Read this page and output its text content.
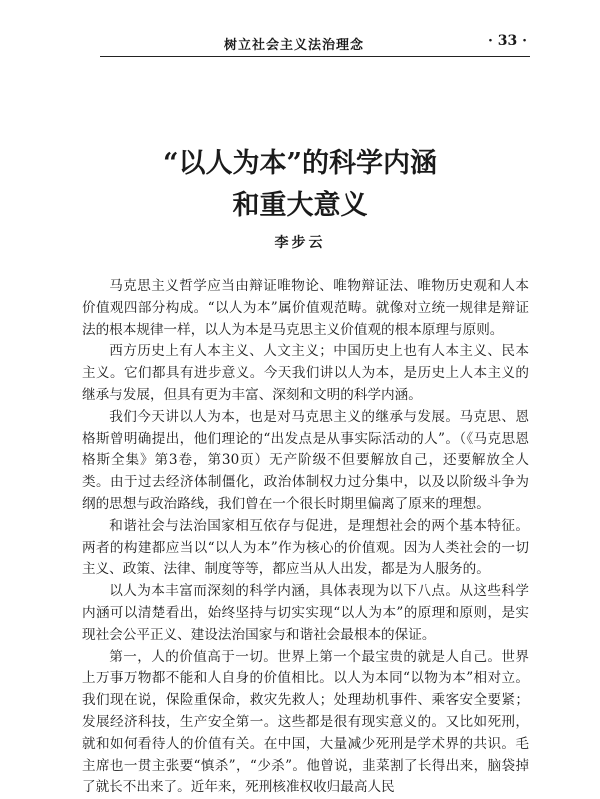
树立社会主义法治理念	· 33 ·
“以人为本”的科学内涵
和重大意义
李步云

马克思主义哲学应当由辩证唯物论、唯物辩证法、唯物历史观和人本价值观四部分构成。“以人为本”属价值观范畴。就像对立统一规律是辩证法的根本规律一样，以人为本是马克思主义价值观的根本原理与原则。

西方历史上有人本主义、人文主义；中国历史上也有人本主义、民本主义。它们都具有进步意义。今天我们讲以人为本，是历史上人本主义的继承与发展，但具有更为丰富、深刻和文明的科学内涵。

我们今天讲以人为本，也是对马克思主义的继承与发展。马克思、恩格斯曾明确提出，他们理论的“出发点是从事实际活动的人”。（《马克思恩格斯全集》第3卷，第30页）无产阶级不但要解放自己，还要解放全人类。由于过去经济体制僵化，政治体制权力过分集中，以及以阶级斗争为纲的思想与政治路线，我们曾在一个很长时期里偏离了原来的理想。

和谐社会与法治国家相互依存与促进，是理想社会的两个基本特征。两者的构建都应当以“以人为本”作为核心的价值观。因为人类社会的一切主义、政策、法律、制度等等，都应当从人出发，都是为人服务的。

以人为本丰富而深刻的科学内涵，具体表现为以下八点。从这些科学内涵可以清楚看出，始终坚持与切实实现“以人为本”的原理和原则，是实现社会公平正义、建设法治国家与和谐社会最根本的保证。

第一，人的价值高于一切。世界上第一个最宝贵的就是人自己。世界上万事万物都不能和人自身的价值相比。以人为本同“以物为本”相对立。我们现在说，保险重保命，救灾先救人；处理劫机事件、乘客安全要紧；发展经济科技，生产安全第一。这些都是很有现实意义的。又比如死刑，就和如何看待人的价值有关。在中国，大量减少死刑是学术界的共识。毛主席也一贯主张要“慎杀”，“少杀”。他曾说，韭菜割了长得出来，脑袋掉了就长不出来了。近年来，死刑核准权收归最高人民
